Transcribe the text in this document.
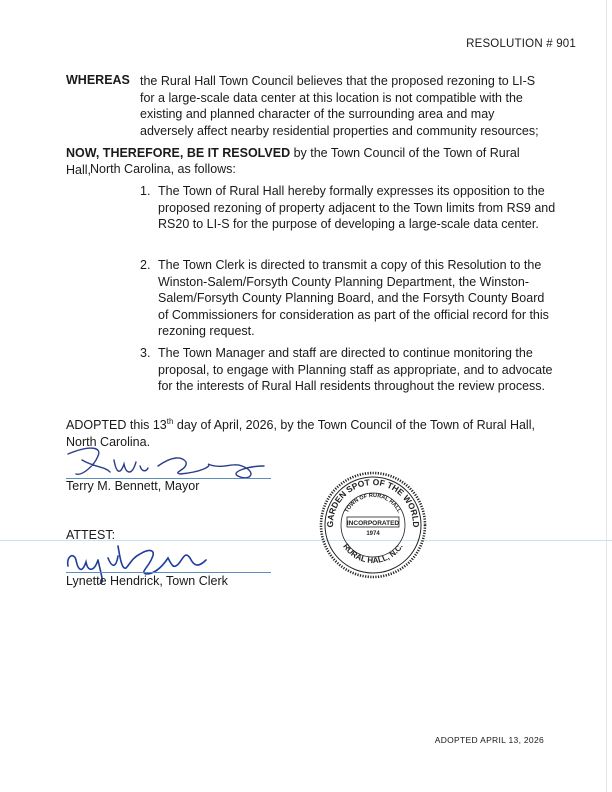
RESOLUTION # 901
WHEREAS the Rural Hall Town Council believes that the proposed rezoning to LI-S for a large-scale data center at this location is not compatible with the existing and planned character of the surrounding area and may adversely affect nearby residential properties and community resources;
NOW, THEREFORE, BE IT RESOLVED by the Town Council of the Town of Rural Hall,
North Carolina, as follows:
1. The Town of Rural Hall hereby formally expresses its opposition to the proposed rezoning of property adjacent to the Town limits from RS9 and RS20 to LI-S for the purpose of developing a large-scale data center.
2. The Town Clerk is directed to transmit a copy of this Resolution to the Winston-Salem/Forsyth County Planning Department, the Winston-Salem/Forsyth County Planning Board, and the Forsyth County Board of Commissioners for consideration as part of the official record for this rezoning request.
3. The Town Manager and staff are directed to continue monitoring the proposal, to engage with Planning staff as appropriate, and to advocate for the interests of Rural Hall residents throughout the review process.
ADOPTED this 13th day of April, 2026, by the Town Council of the Town of Rural Hall, North Carolina.
Terry M. Bennett, Mayor
ATTEST:
Lynette Hendrick, Town Clerk
GARDEN SPOT OF THE WORLD
TOWN OF RURAL HALL
INCORPORATED
1974
RURAL HALL, N.C.
ADOPTED APRIL 13, 2026
